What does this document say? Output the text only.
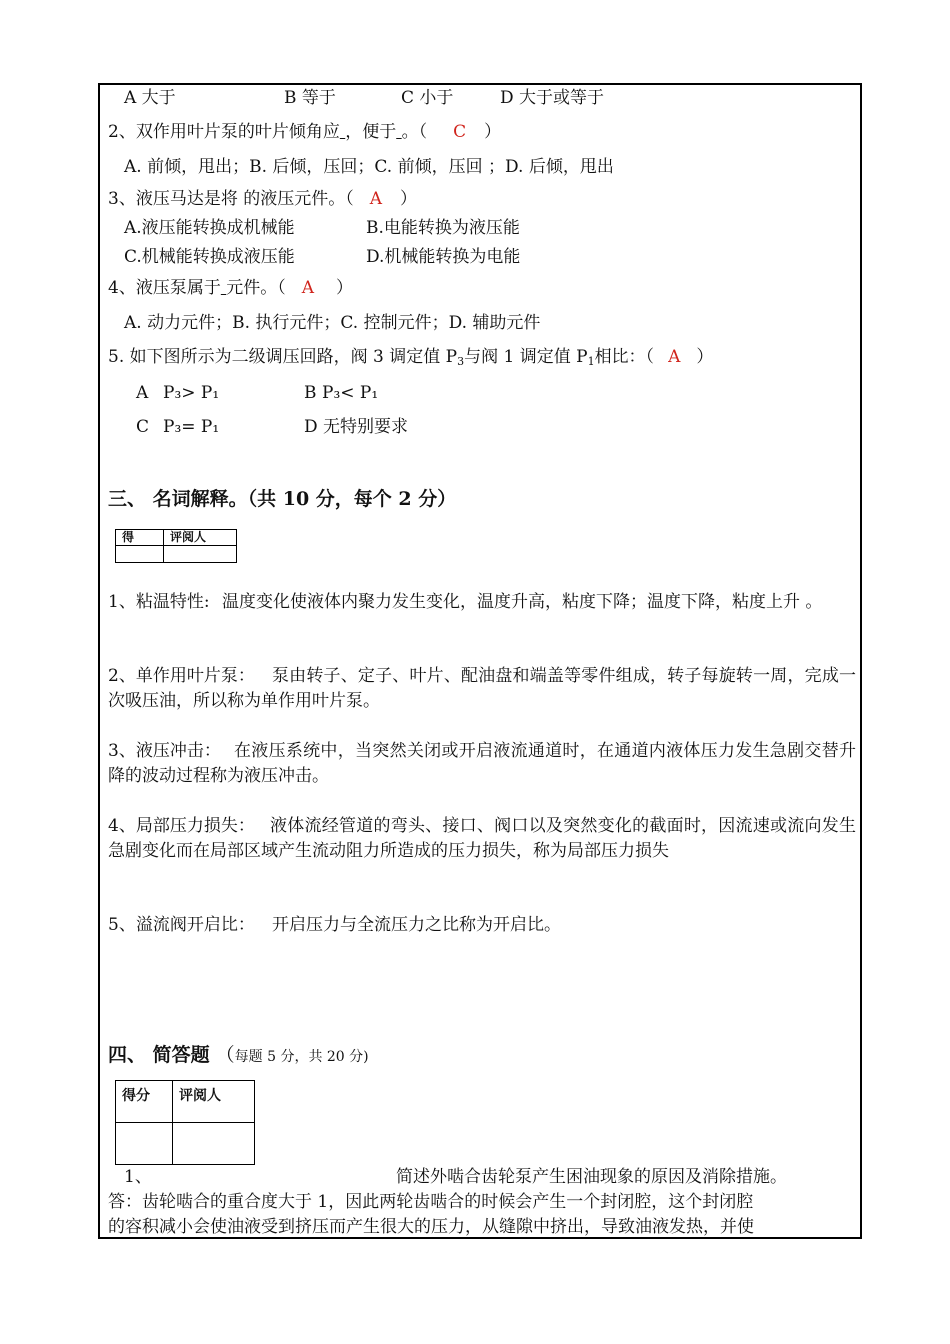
A 大于	B 等于	C 小于	D 大于或等于
2、双作用叶片泵的叶片倾角应 ，便于 。（ C ）
A. 前倾，甩出；B. 后倾，压回；C. 前倾，压回 ；D. 后倾，甩出
3、液压马达是将 的液压元件。（ A ）
A.液压能转换成机械能	B.电能转换为液压能
C.机械能转换成液压能	D.机械能转换为电能
4、液压泵属于 元件。（ A ）
A. 动力元件；B. 执行元件；C. 控制元件；D. 辅助元件
5. 如下图所示为二级调压回路，阀 3 调定值 $P_3$与阀 1 调定值 $P_1$相比：（ A ）
A P₃> P₁	B P₃< P₁
C P₃= P₁	D 无特别要求
三、 名词解释。（共 10 分，每个 2 分）
得	评阅人

1、粘温特性: 温度变化使液体内聚力发生变化，温度升高，粘度下降；温度下降，粘度上升 。
2、单作用叶片泵：	泵由转子、定子、叶片、配油盘和端盖等零件组成，转子每旋转一周，完成一次吸压油，所以称为单作用叶片泵。
3、液压冲击： 在液压系统中，当突然关闭或开启液流通道时，在通道内液体压力发生急剧交替升降的波动过程称为液压冲击。
4、局部压力损失： 液体流经管道的弯头、接口、阀口以及突然变化的截面时，因流速或流向发生急剧变化而在局部区域产生流动阻力所造成的压力损失，称为局部压力损失
5、溢流阀开启比： 开启压力与全流压力之比称为开启比。
四、 简答题 （每题 5 分，共 20 分)
得分	评阅人

1、	简述外啮合齿轮泵产生困油现象的原因及消除措施。
答：齿轮啮合的重合度大于 1，因此两轮齿啮合的时候会产生一个封闭腔，这个封闭腔
的容积减小会使油液受到挤压而产生很大的压力，从缝隙中挤出，导致油液发热，并使
